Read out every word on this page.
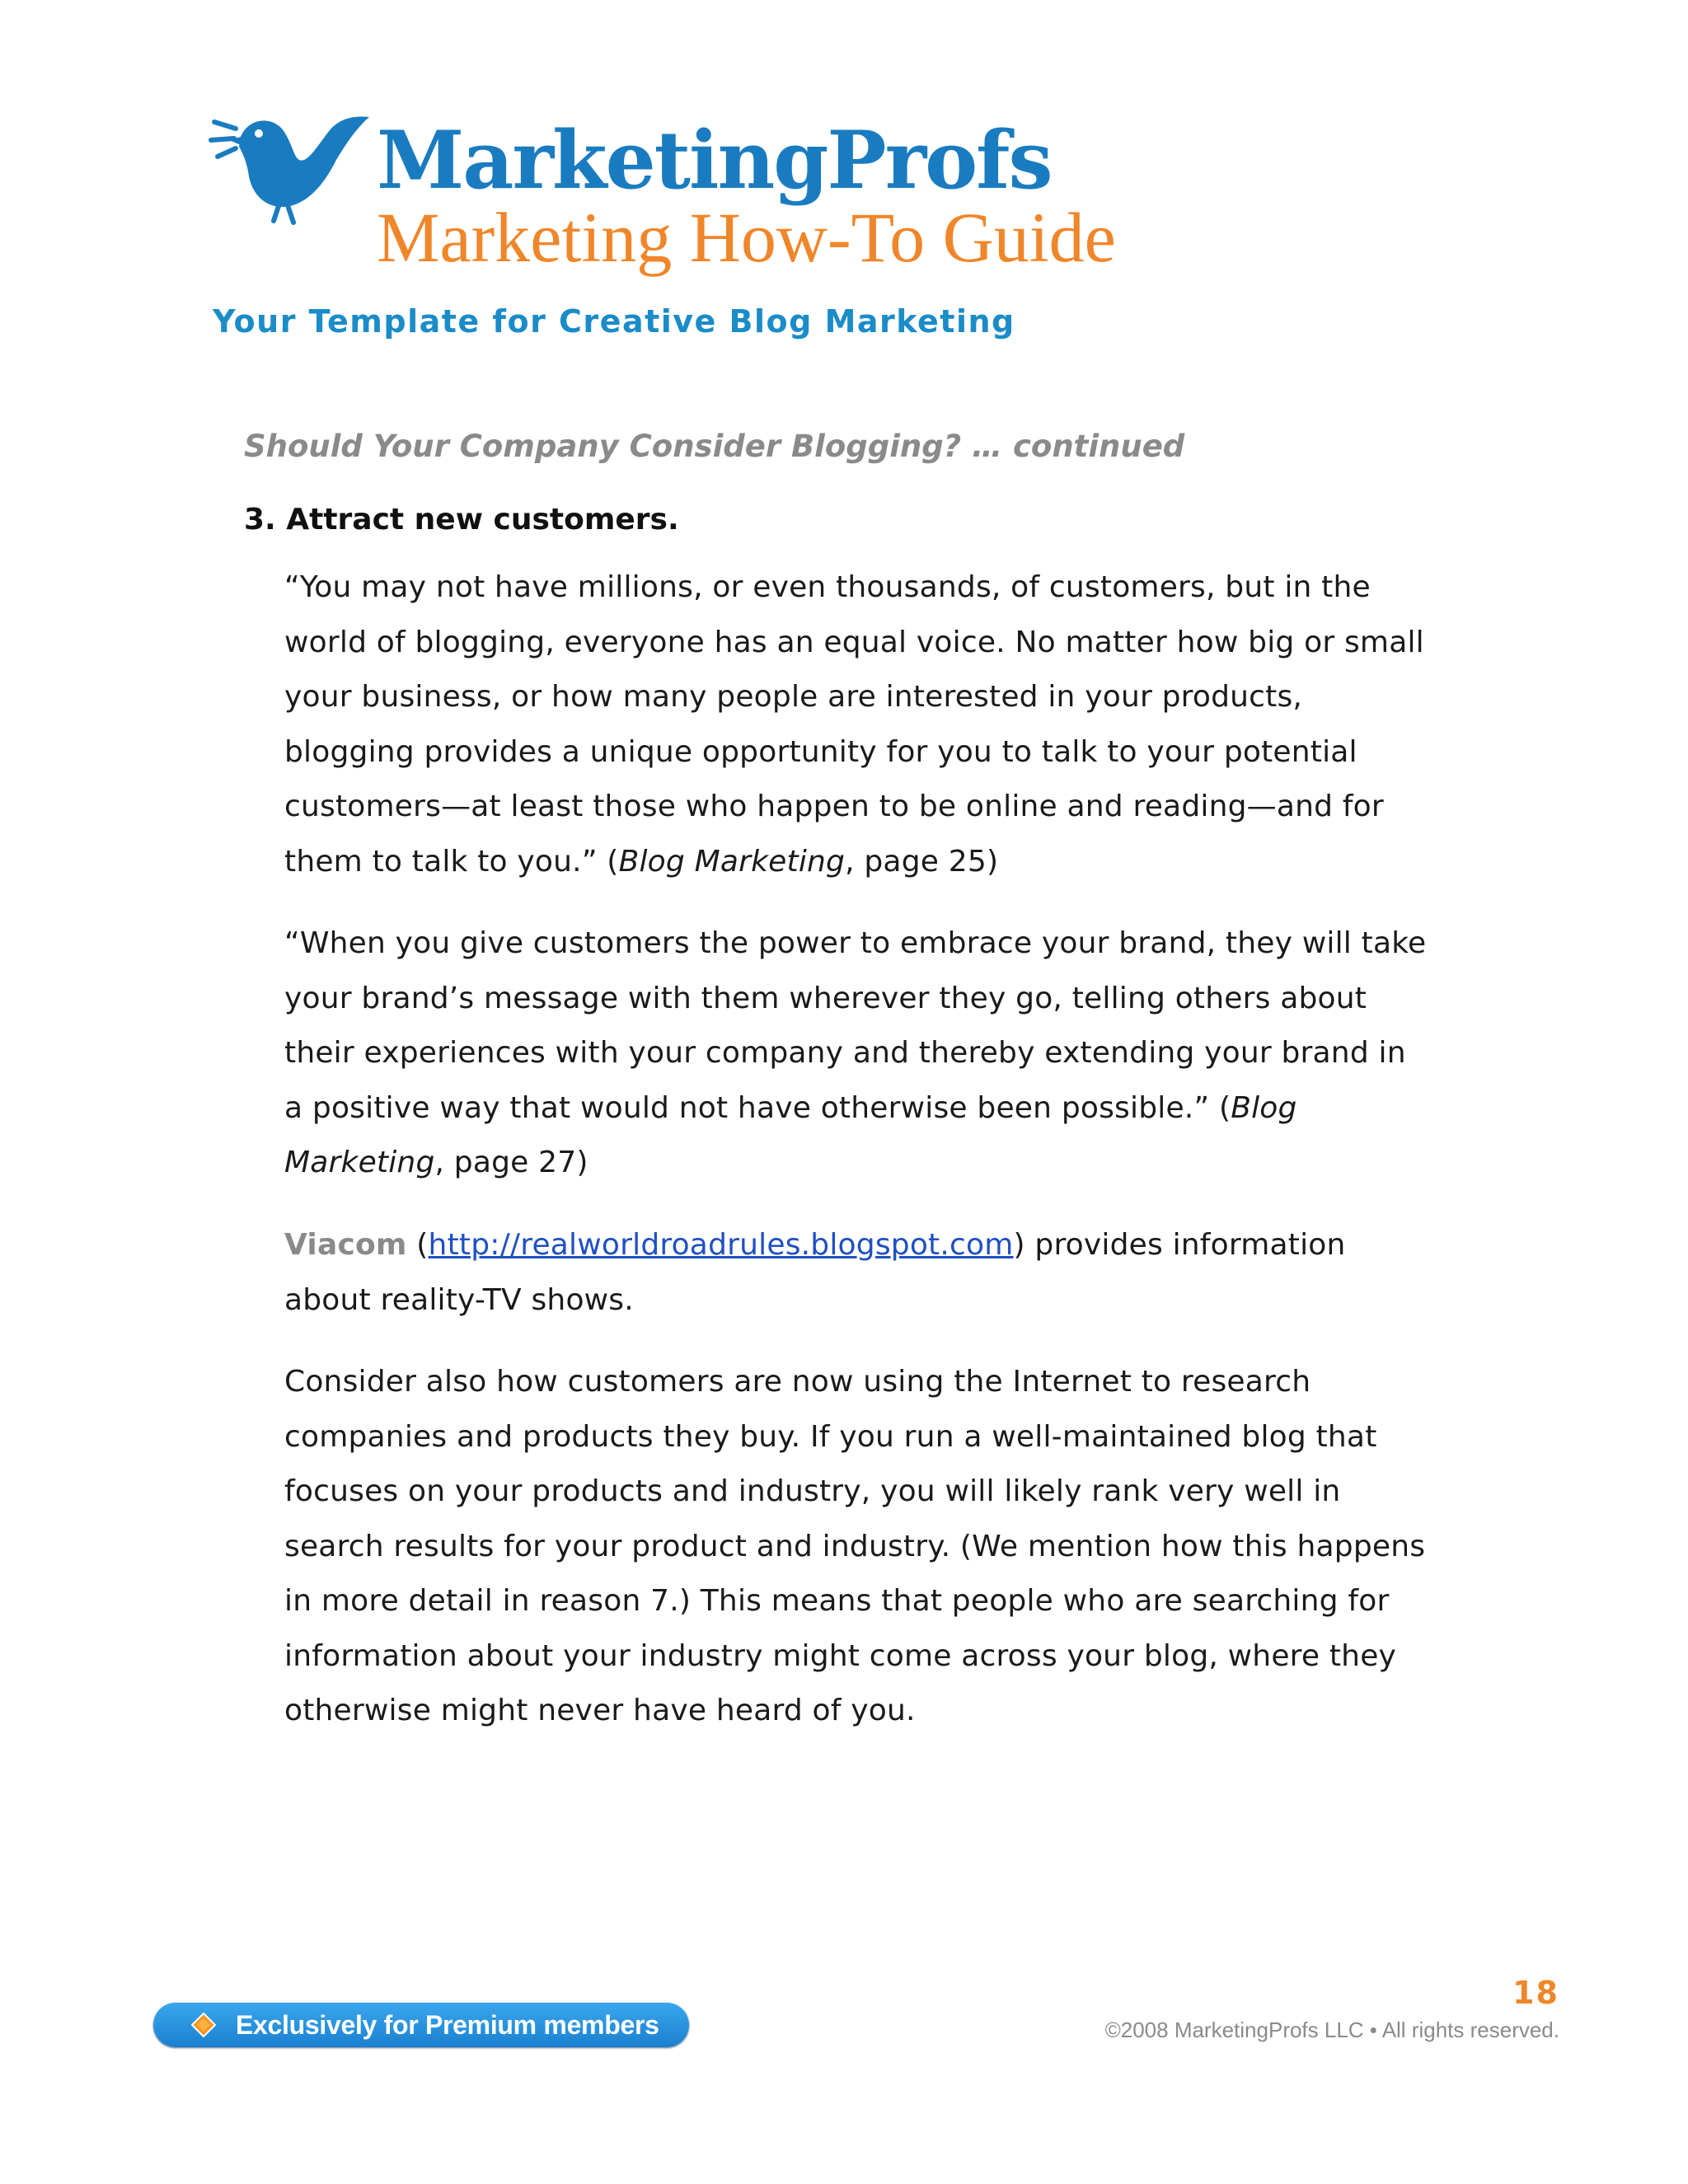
MarketingProfs
Marketing How-To Guide
Your Template for Creative Blog Marketing
Should Your Company Consider Blogging? … continued
3. Attract new customers.

“You may not have millions, or even thousands, of customers, but in the world of blogging, everyone has an equal voice. No matter how big or small your business, or how many people are interested in your products, blogging provides a unique opportunity for you to talk to your potential customers—at least those who happen to be online and reading—and for them to talk to you.” (Blog Marketing, page 25)

“When you give customers the power to embrace your brand, they will take your brand’s message with them wherever they go, telling others about their experiences with your company and thereby extending your brand in a positive way that would not have otherwise been possible.” (Blog Marketing, page 27)

Viacom (http://realworldroadrules.blogspot.com) provides information about reality-TV shows.

Consider also how customers are now using the Internet to research companies and products they buy. If you run a well-maintained blog that focuses on your products and industry, you will likely rank very well in search results for your product and industry. (We mention how this happens in more detail in reason 7.) This means that people who are searching for information about your industry might come across your blog, where they otherwise might never have heard of you.

Exclusively for Premium members
18
©2008 MarketingProfs LLC • All rights reserved.
